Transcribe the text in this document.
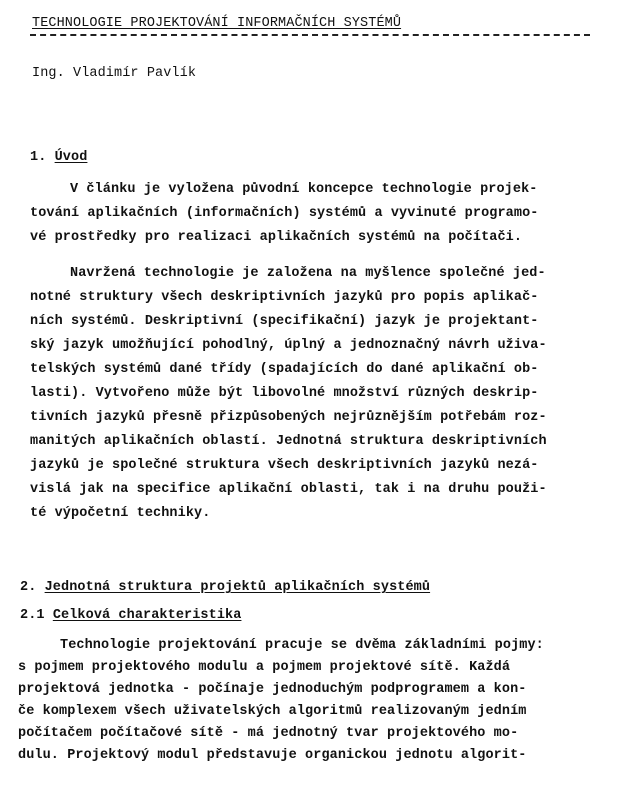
TECHNOLOGIE PROJEKTOVÁNÍ INFORMAČNÍCH SYSTÉMŮ
Ing. Vladimír Pavlík
1. Úvod
V článku je vyložena původní koncepce technologie projek-
tování aplikačních (informačních) systémů a vyvinuté programo-
vé prostředky pro realizaci aplikačních systémů na počítači.
Navržená technologie je založena na myšlence společné jed-
notné struktury všech deskriptivních jazyků pro popis aplikač-
ních systémů. Deskriptivní (specifikační) jazyk je projektant-
ský jazyk umožňující pohodlný, úplný a jednoznačný návrh uživa-
telských systémů dané třídy (spadajících do dané aplikační ob-
lasti). Vytvořeno může být libovolné množství různých deskrip-
tivních jazyků přesně přizpůsobených nejrůznějším potřebám roz-
manitých aplikačních oblastí. Jednotná struktura deskriptivních
jazyků je společné struktura všech deskriptivních jazyků nezá-
vislá jak na specifice aplikační oblasti, tak i na druhu použi-
té výpočetní techniky.
2. Jednotná struktura projektů aplikačních systémů
2.1 Celková charakteristika
Technologie projektování pracuje se dvěma základními pojmy:
s pojmem projektového modulu a pojmem projektové sítě. Každá
projektová jednotka - počínaje jednoduchým podprogramem a kon-
če komplexem všech uživatelských algoritmů realizovaným jedním
počítačem počítačové sítě - má jednotný tvar projektového mo-
dulu. Projektový modul představuje organickou jednotu algorit-
